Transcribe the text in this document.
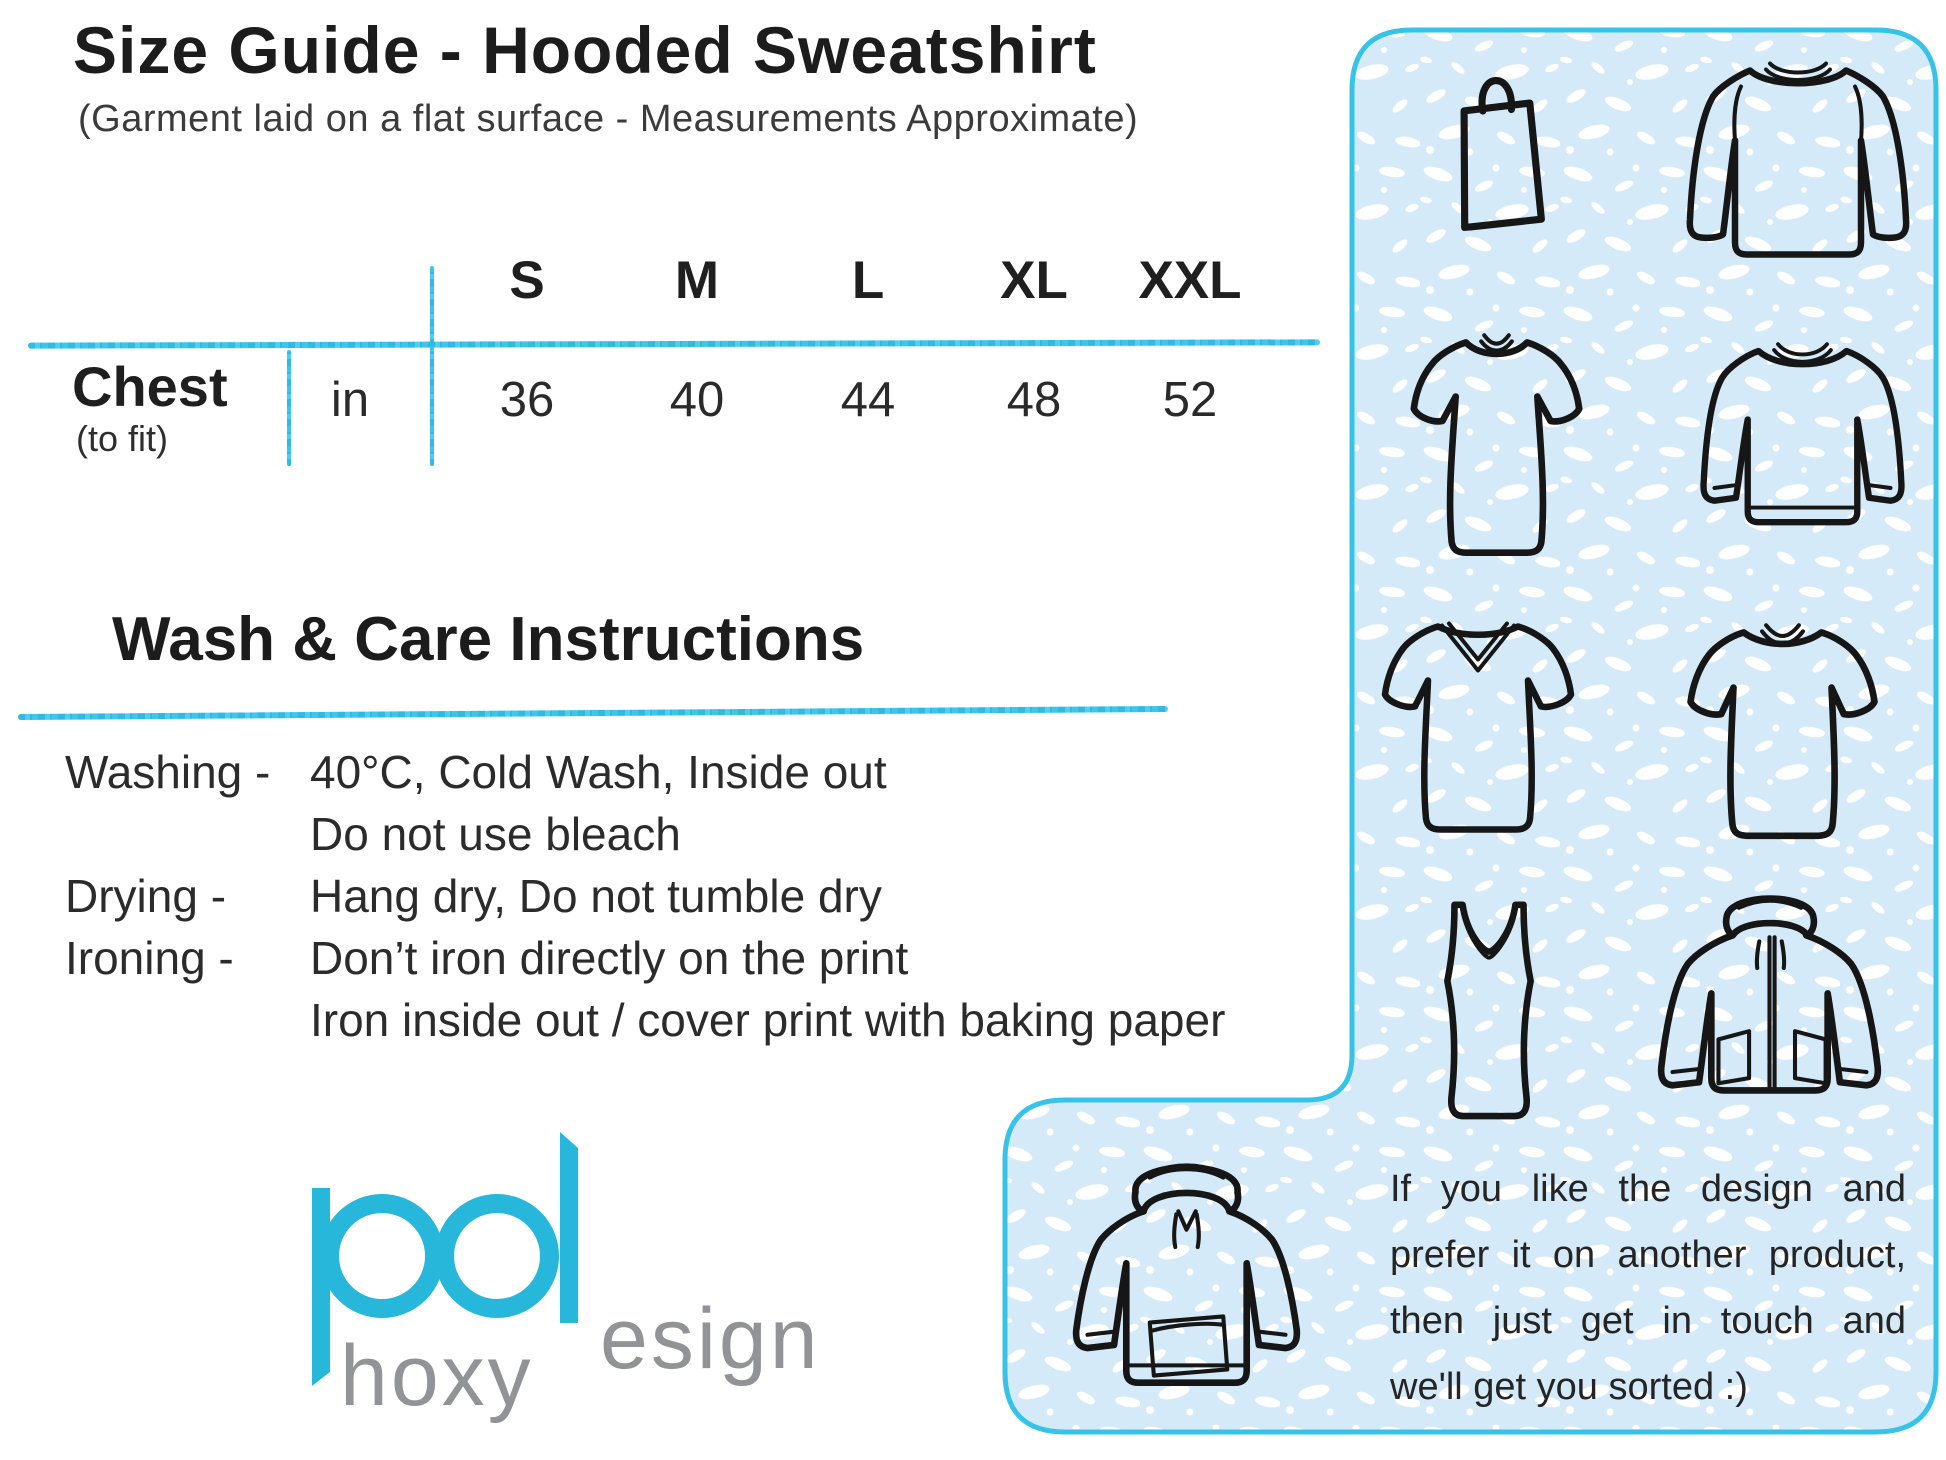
Size Guide - Hooded Sweatshirt
(Garment laid on a flat surface - Measurements Approximate)
S M	L XL XXL
Chest
(to fit)
in	36 40 44 48 52
Wash & Care Instructions
Washing - 40°C, Cold Wash, Inside out
Do not use bleach
Drying - Hang dry, Do not tumble dry
Ironing - Don’t iron directly on the print
Iron inside out / cover print with baking paper
esign
hoxy
If you like the design and
prefer it on another product,
then just get in touch and
we'll get you sorted :)
